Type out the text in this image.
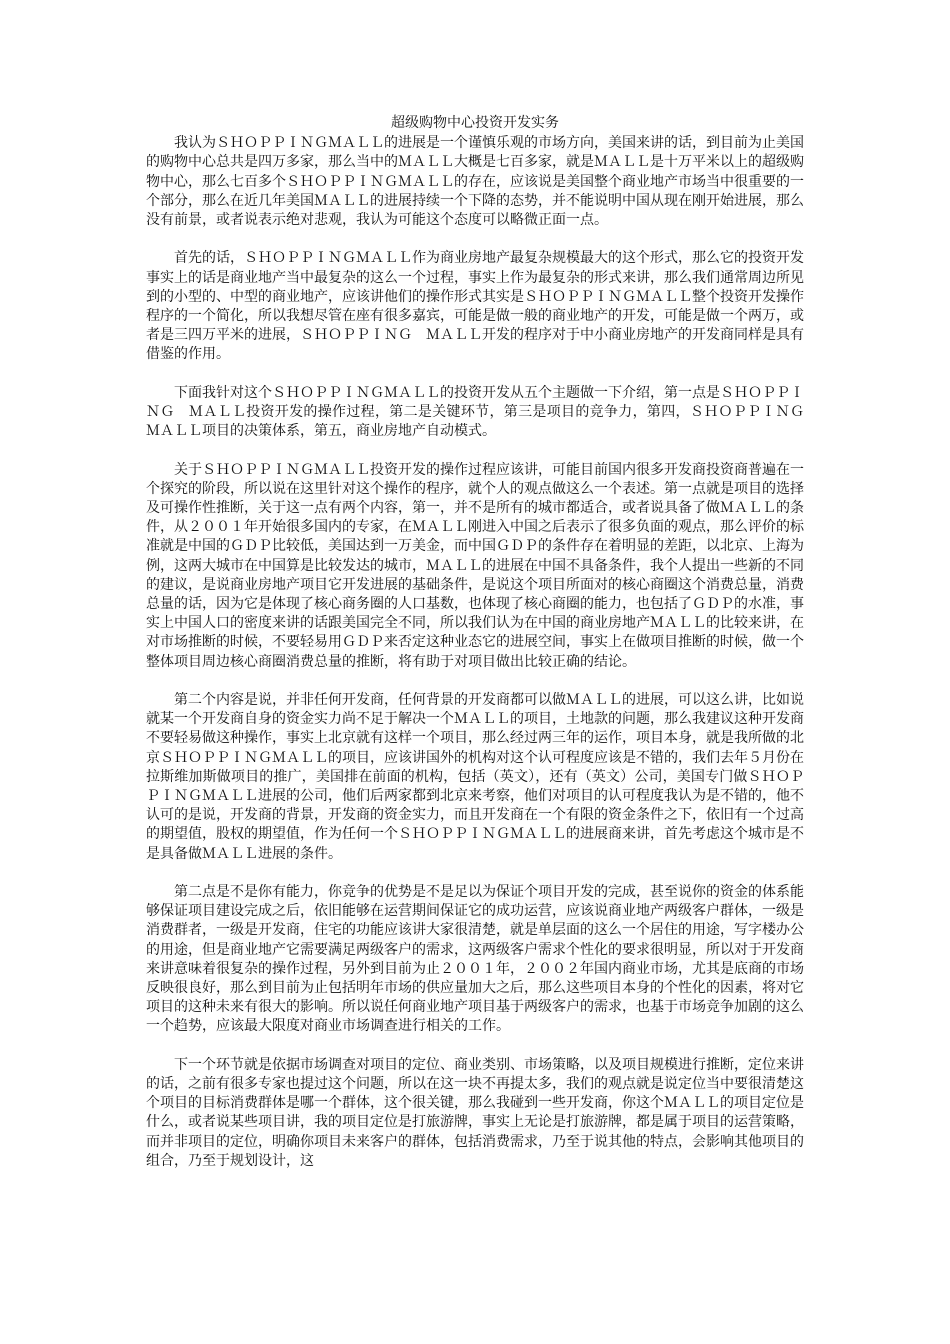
超级购物中心投资开发实务

我认为ＳＨＯＰＰＩＮＧＭＡＬＬ的进展是一个谨慎乐观的市场方向，美国来讲的话，到目前为止美国的购物中心总共是四万多家，那么当中的ＭＡＬＬ大概是七百多家，就是ＭＡＬＬ是十万平米以上的超级购物中心，那么七百多个ＳＨＯＰＰＩＮＧＭＡＬＬ的存在，应该说是美国整个商业地产市场当中很重要的一个部分，那么在近几年美国ＭＡＬＬ的进展持续一个下降的态势，并不能说明中国从现在刚开始进展，那么没有前景，或者说表示绝对悲观，我认为可能这个态度可以略微正面一点。

首先的话，ＳＨＯＰＰＩＮＧＭＡＬＬ作为商业房地产最复杂规模最大的这个形式，那么它的投资开发事实上的话是商业地产当中最复杂的这么一个过程，事实上作为最复杂的形式来讲，那么我们通常周边所见到的小型的、中型的商业地产，应该讲他们的操作形式其实是ＳＨＯＰＰＩＮＧＭＡＬＬ整个投资开发操作程序的一个简化，所以我想尽管在座有很多嘉宾，可能是做一般的商业地产的开发，可能是做一个两万，或者是三四万平米的进展，ＳＨＯＰＰＩＮＧ　ＭＡＬＬ开发的程序对于中小商业房地产的开发商同样是具有借鉴的作用。

下面我针对这个ＳＨＯＰＰＩＮＧＭＡＬＬ的投资开发从五个主题做一下介绍，第一点是ＳＨＯＰＰＩＮＧ　ＭＡＬＬ投资开发的操作过程，第二是关键环节，第三是项目的竞争力，第四，ＳＨＯＰＰＩＮＧ　ＭＡＬＬ项目的决策体系，第五，商业房地产自动模式。

关于ＳＨＯＰＰＩＮＧＭＡＬＬ投资开发的操作过程应该讲，可能目前国内很多开发商投资商普遍在一个探究的阶段，所以说在这里针对这个操作的程序，就个人的观点做这么一个表述。第一点就是项目的选择及可操作性推断，关于这一点有两个内容，第一，并不是所有的城市都适合，或者说具备了做ＭＡＬＬ的条件，从２００１年开始很多国内的专家，在ＭＡＬＬ刚进入中国之后表示了很多负面的观点，那么评价的标准就是中国的ＧＤＰ比较低，美国达到一万美金，而中国ＧＤＰ的条件存在着明显的差距，以北京、上海为例，这两大城市在中国算是比较发达的城市，ＭＡＬＬ的进展在中国不具备条件，我个人提出一些新的不同的建议，是说商业房地产项目它开发进展的基础条件，是说这个项目所面对的核心商圈这个消费总量，消费总量的话，因为它是体现了核心商务圈的人口基数，也体现了核心商圈的能力，也包括了ＧＤＰ的水准，事实上中国人口的密度来讲的话跟美国完全不同，所以我们认为在中国的商业房地产ＭＡＬＬ的比较来讲，在对市场推断的时候，不要轻易用ＧＤＰ来否定这种业态它的进展空间，事实上在做项目推断的时候，做一个整体项目周边核心商圈消费总量的推断，将有助于对项目做出比较正确的结论。

第二个内容是说，并非任何开发商，任何背景的开发商都可以做ＭＡＬＬ的进展，可以这么讲，比如说就某一个开发商自身的资金实力尚不足于解决一个ＭＡＬＬ的项目，土地款的问题，那么我建议这种开发商不要轻易做这种操作，事实上北京就有这样一个项目，那么经过两三年的运作，项目本身，就是我所做的北京ＳＨＯＰＰＩＮＧＭＡＬＬ的项目，应该讲国外的机构对这个认可程度应该是不错的，我们去年５月份在拉斯维加斯做项目的推广，美国排在前面的机构，包括（英文），还有（英文）公司，美国专门做ＳＨＯＰＰＩＮＧＭＡＬＬ进展的公司，他们后两家都到北京来考察，他们对项目的认可程度我认为是不错的，他不认可的是说，开发商的背景，开发商的资金实力，而且开发商在一个有限的资金条件之下，依旧有一个过高的期望值，股权的期望值，作为任何一个ＳＨＯＰＰＩＮＧＭＡＬＬ的进展商来讲，首先考虑这个城市是不是具备做ＭＡＬＬ进展的条件。

第二点是不是你有能力，你竞争的优势是不是足以为保证个项目开发的完成，甚至说你的资金的体系能够保证项目建设完成之后，依旧能够在运营期间保证它的成功运营，应该说商业地产两级客户群体，一级是消费群者，一级是开发商，住宅的功能应该讲大家很清楚，就是单层面的这么一个居住的用途，写字楼办公的用途，但是商业地产它需要满足两级客户的需求，这两级客户需求个性化的要求很明显，所以对于开发商来讲意味着很复杂的操作过程，另外到目前为止２００１年，２００２年国内商业市场，尤其是底商的市场反映很良好，那么到目前为止包括明年市场的供应量加大之后，那么这些项目本身的个性化的因素，将对它项目的这种未来有很大的影响。所以说任何商业地产项目基于两级客户的需求，也基于市场竞争加剧的这么一个趋势，应该最大限度对商业市场调查进行相关的工作。

下一个环节就是依据市场调查对项目的定位、商业类别、市场策略，以及项目规模进行推断，定位来讲的话，之前有很多专家也提过这个问题，所以在这一块不再提太多，我们的观点就是说定位当中要很清楚这个项目的目标消费群体是哪一个群体，这个很关键，那么我碰到一些开发商，你这个ＭＡＬＬ的项目定位是什么，或者说某些项目讲，我的项目定位是打旅游牌，事实上无论是打旅游牌，都是属于项目的运营策略，而并非项目的定位，明确你项目未来客户的群体，包括消费需求，乃至于说其他的特点，会影响其他项目的组合，乃至于规划设计，这
